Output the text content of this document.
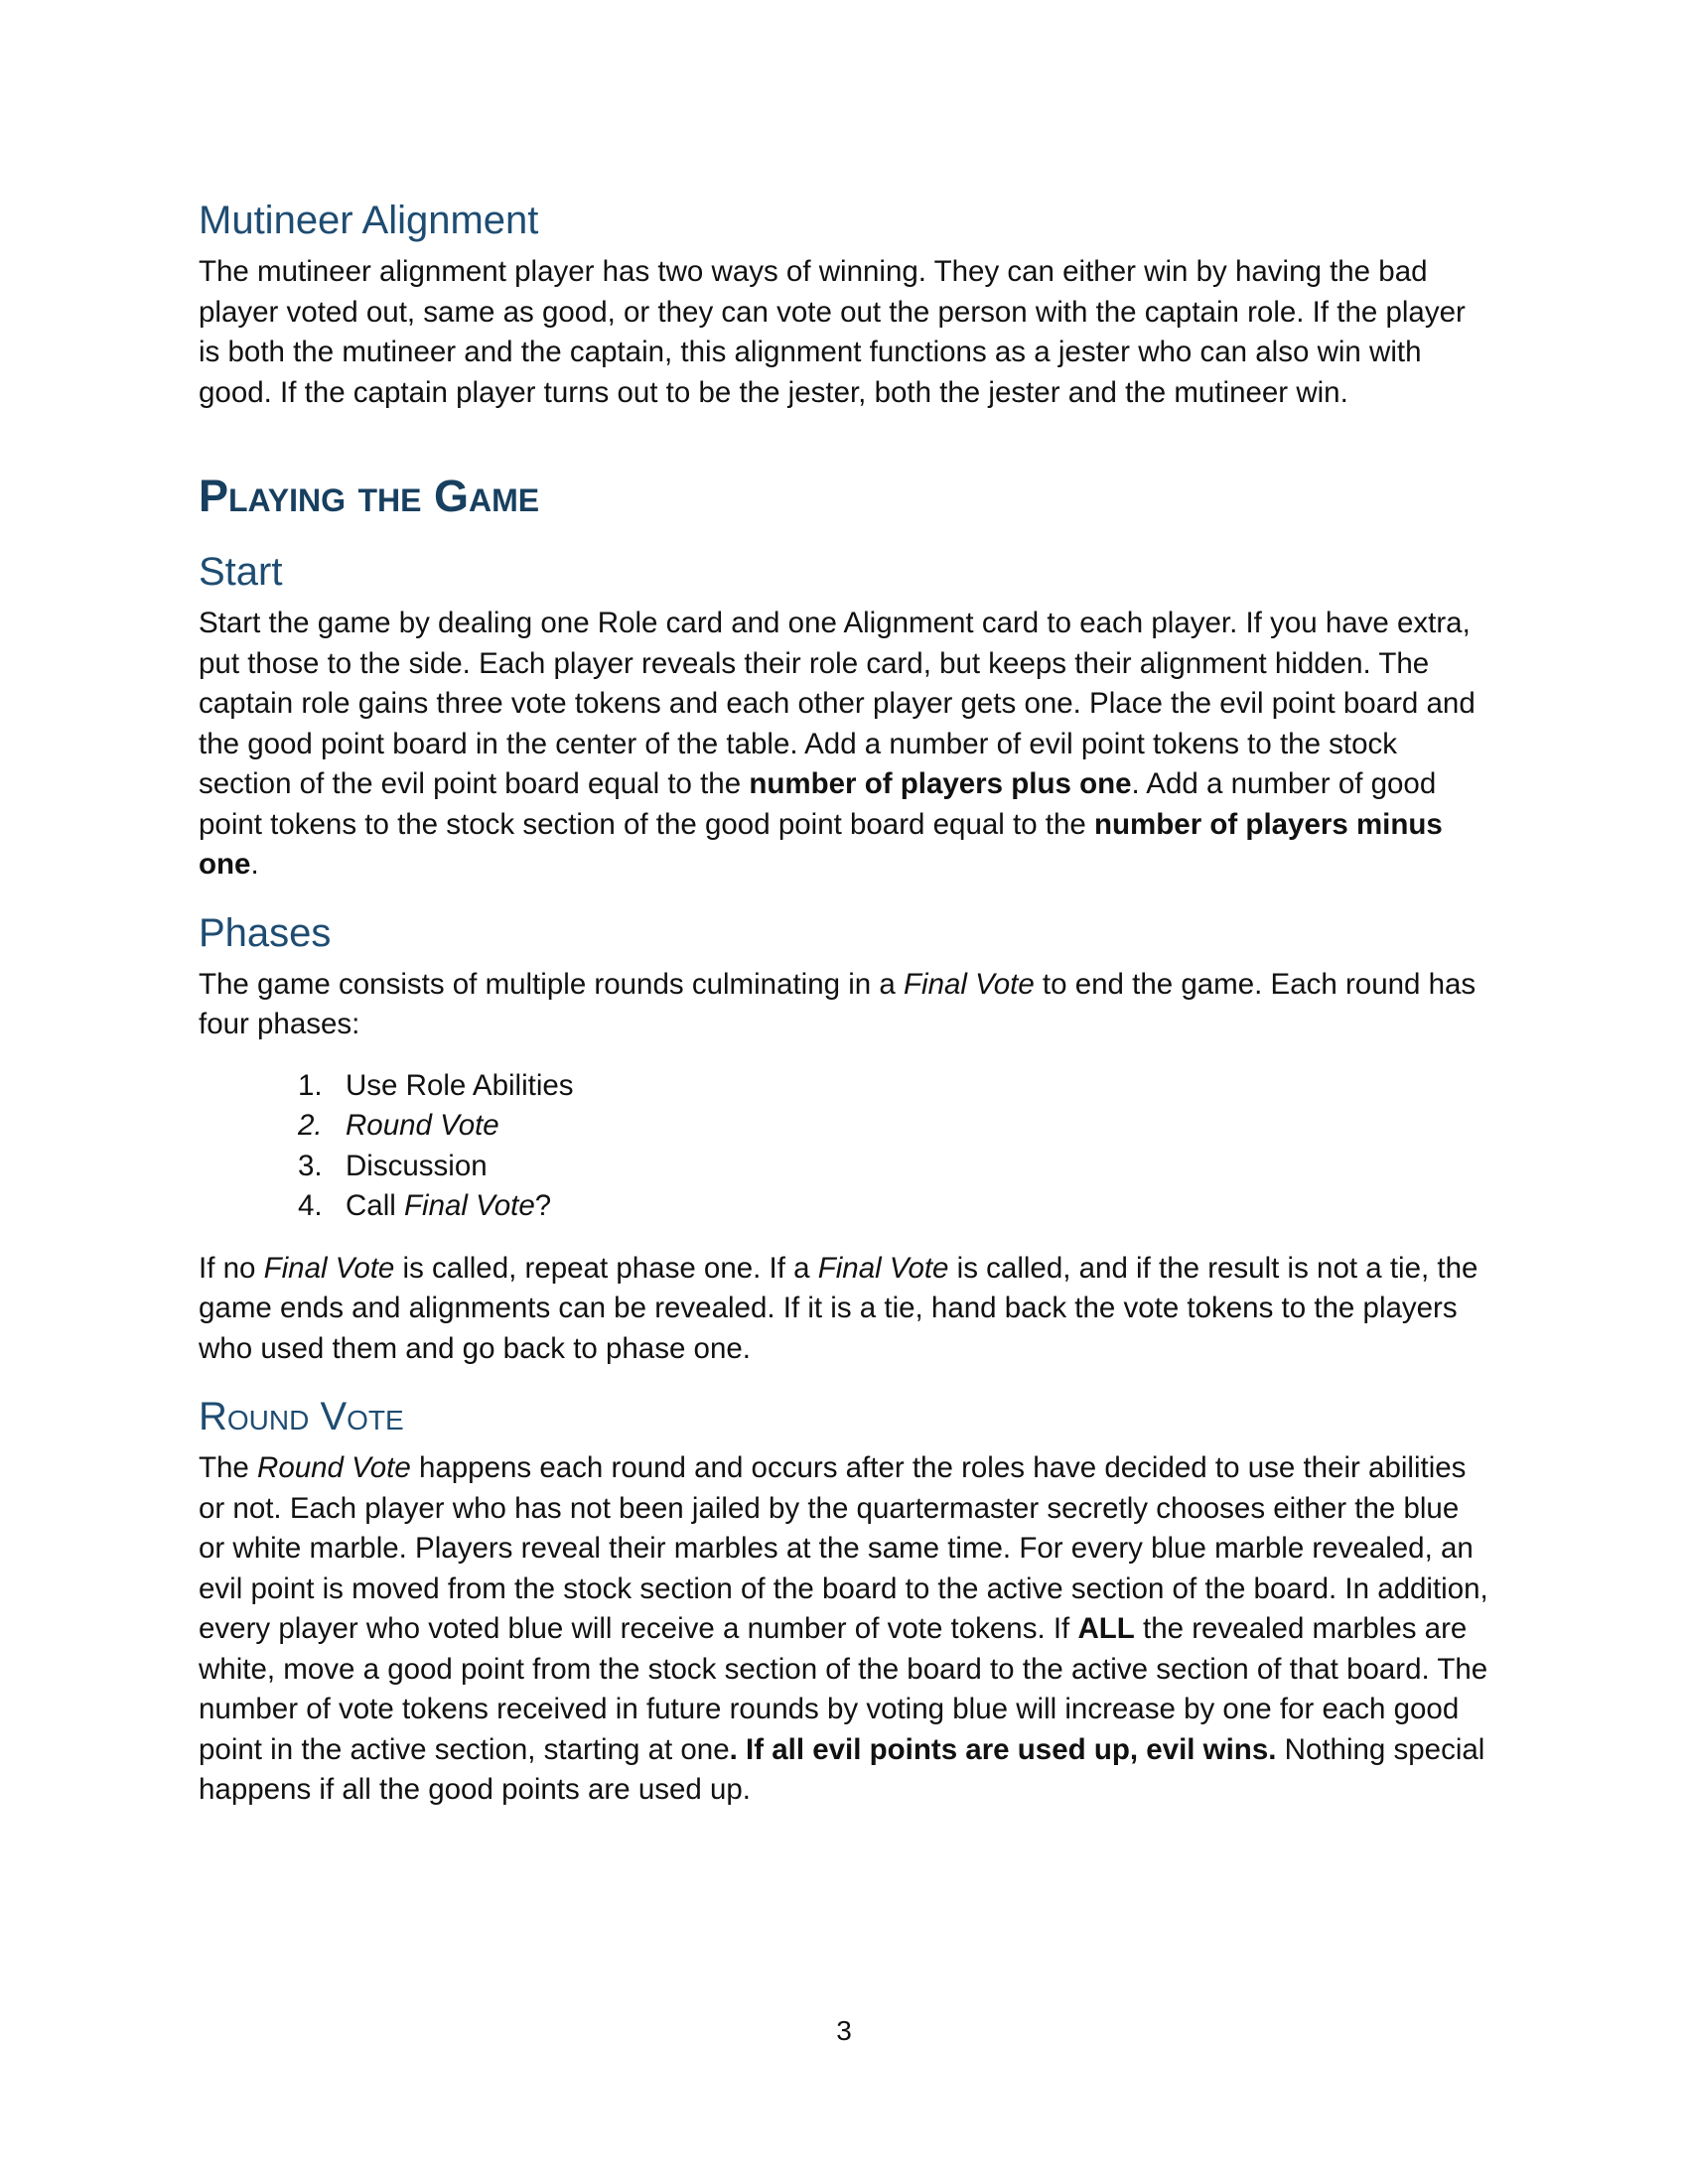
Mutineer Alignment

The mutineer alignment player has two ways of winning. They can either win by having the bad player voted out, same as good, or they can vote out the person with the captain role. If the player is both the mutineer and the captain, this alignment functions as a jester who can also win with good. If the captain player turns out to be the jester, both the jester and the mutineer win.

Playing the Game
Start

Start the game by dealing one Role card and one Alignment card to each player. If you have extra, put those to the side. Each player reveals their role card, but keeps their alignment hidden. The captain role gains three vote tokens and each other player gets one. Place the evil point board and the good point board in the center of the table. Add a number of evil point tokens to the stock section of the evil point board equal to the number of players plus one. Add a number of good point tokens to the stock section of the good point board equal to the number of players minus one.

Phases

The game consists of multiple rounds culminating in a Final Vote to end the game. Each round has four phases:

1. Use Role Abilities
2. Round Vote
3. Discussion
4. Call Final Vote?

If no Final Vote is called, repeat phase one. If a Final Vote is called, and if the result is not a tie, the game ends and alignments can be revealed. If it is a tie, hand back the vote tokens to the players who used them and go back to phase one.

Round Vote

The Round Vote happens each round and occurs after the roles have decided to use their abilities or not. Each player who has not been jailed by the quartermaster secretly chooses either the blue or white marble. Players reveal their marbles at the same time. For every blue marble revealed, an evil point is moved from the stock section of the board to the active section of the board. In addition, every player who voted blue will receive a number of vote tokens. If ALL the revealed marbles are white, move a good point from the stock section of the board to the active section of that board. The number of vote tokens received in future rounds by voting blue will increase by one for each good point in the active section, starting at one. If all evil points are used up, evil wins. Nothing special happens if all the good points are used up.

3
